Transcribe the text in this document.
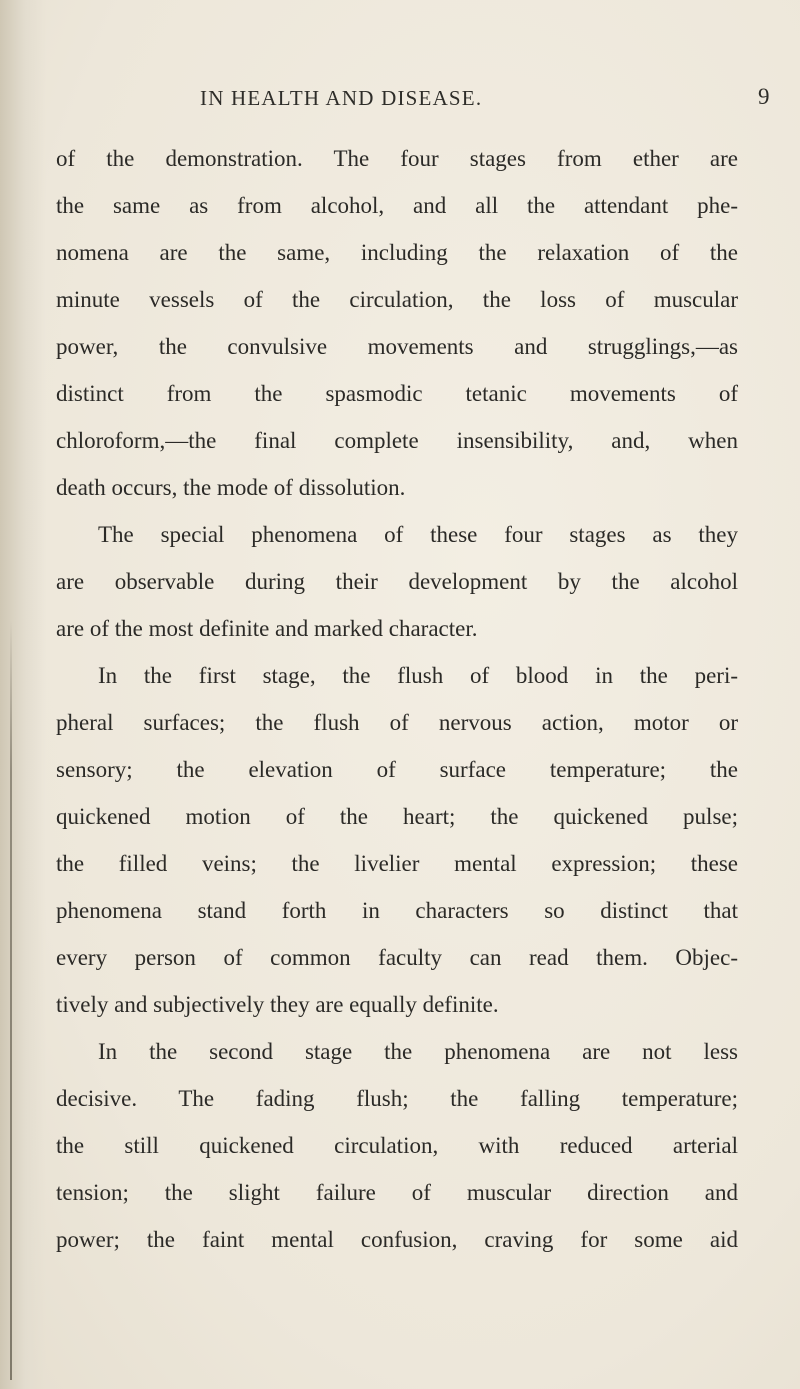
IN HEALTH AND DISEASE.	9
of the demonstration. The four stages from ether are
the same as from alcohol, and all the attendant phe-
nomena are the same, including the relaxation of the
minute vessels of the circulation, the loss of muscular
power, the convulsive movements and strugglings,—as
distinct from the spasmodic tetanic movements of
chloroform,—the final complete insensibility, and, when
death occurs, the mode of dissolution.
The special phenomena of these four stages as they
are observable during their development by the alcohol
are of the most definite and marked character.
In the first stage, the flush of blood in the peri-
pheral surfaces; the flush of nervous action, motor or
sensory; the elevation of surface temperature; the
quickened motion of the heart; the quickened pulse;
the filled veins; the livelier mental expression; these
phenomena stand forth in characters so distinct that
every person of common faculty can read them. Objec-
tively and subjectively they are equally definite.
In the second stage the phenomena are not less
decisive. The fading flush; the falling temperature;
the still quickened circulation, with reduced arterial
tension; the slight failure of muscular direction and
power; the faint mental confusion, craving for some aid
